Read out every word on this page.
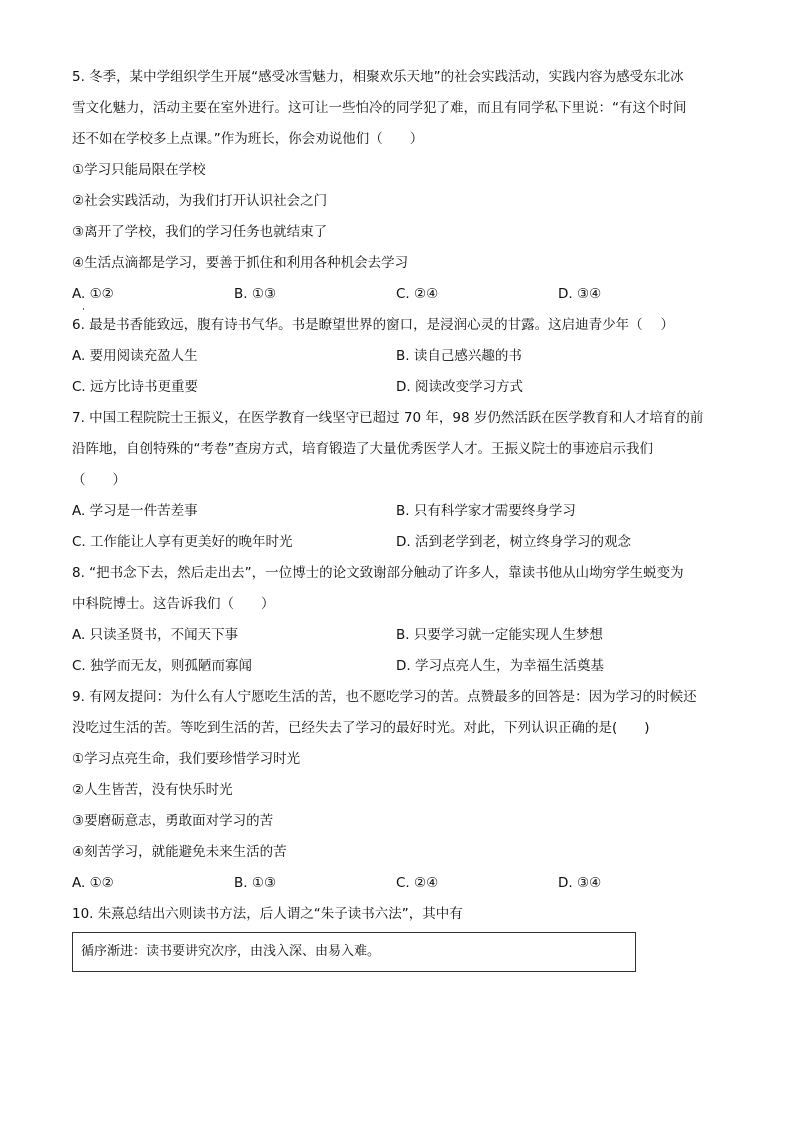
5. 冬季，某中学组织学生开展“感受冰雪魅力，相聚欢乐天地”的社会实践活动，实践内容为感受东北冰
雪文化魅力，活动主要在室外进行。这可让一些怕冷的同学犯了难，而且有同学私下里说：“有这个时间
还不如在学校多上点课。”作为班长，你会劝说他们（　　）
①学习只能局限在学校
②社会实践活动，为我们打开认识社会之门
③离开了学校，我们的学习任务也就结束了
④生活点滴都是学习，要善于抓住和利用各种机会去学习
A. ①②	B. ①③	C. ②④	D. ③④
6. 最是书香能致远，腹有诗书气华。书是瞭望世界的窗口，是浸润心灵的甘露。这启迪青少年（　 ）
A. 要用阅读充盈人生	B. 读自己感兴趣的书
C. 远方比诗书更重要	D. 阅读改变学习方式
7. 中国工程院院士王振义，在医学教育一线坚守已超过 70 年，98 岁仍然活跃在医学教育和人才培育的前
沿阵地，自创特殊的“考卷”查房方式，培育锻造了大量优秀医学人才。王振义院士的事迹启示我们
（　　）
A. 学习是一件苦差事	B. 只有科学家才需要终身学习
C. 工作能让人享有更美好的晚年时光	D. 活到老学到老，树立终身学习的观念
8. “把书念下去，然后走出去”，一位博士的论文致谢部分触动了许多人，靠读书他从山坳穷学生蜕变为
中科院博士。这告诉我们（　　）
A. 只读圣贤书，不闻天下事	B. 只要学习就一定能实现人生梦想
C. 独学而无友，则孤陋而寡闻	D. 学习点亮人生，为幸福生活奠基
9. 有网友提问：为什么有人宁愿吃生活的苦，也不愿吃学习的苦。点赞最多的回答是：因为学习的时候还
没吃过生活的苦。等吃到生活的苦，已经失去了学习的最好时光。对此，下列认识正确的是(　　)
①学习点亮生命，我们要珍惜学习时光
②人生皆苦，没有快乐时光
③要磨砺意志，勇敢面对学习的苦
④刻苦学习，就能避免未来生活的苦
A. ①②	B. ①③	C. ②④	D. ③④
10. 朱熹总结出六则读书方法，后人谓之“朱子读书六法”，其中有
循序渐进：读书要讲究次序，由浅入深、由易入难。
